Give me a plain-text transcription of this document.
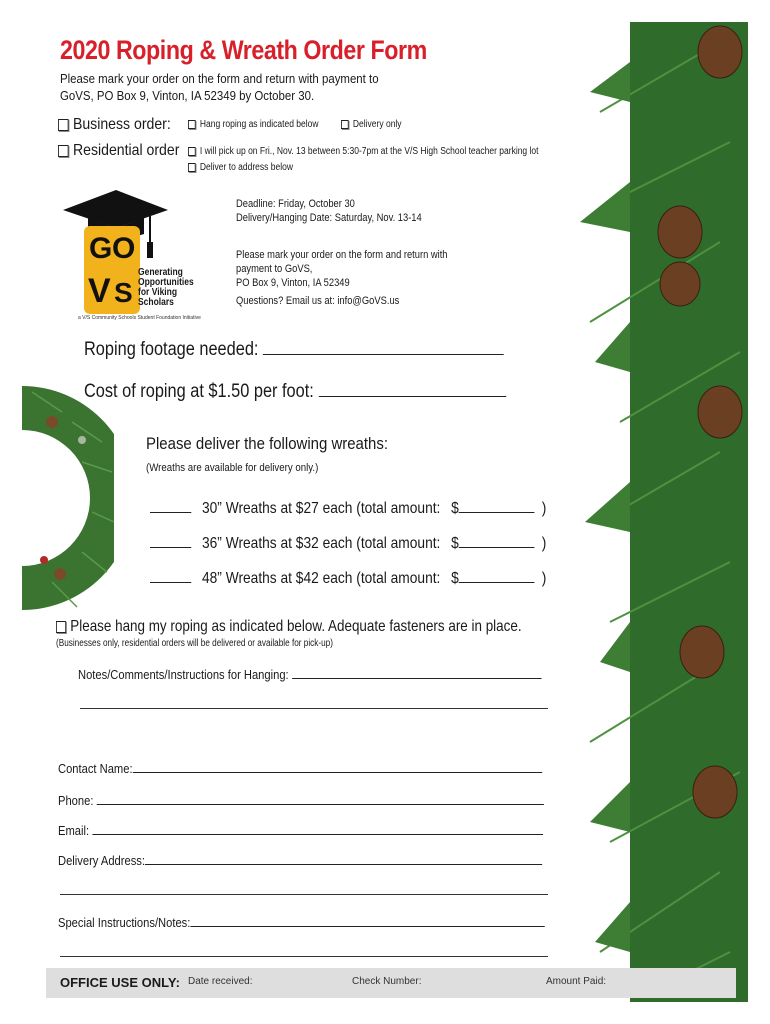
2020 Roping & Wreath Order Form
Please mark your order on the form and return with payment to
GoVS, PO Box 9, Vinton, IA 52349 by October 30.
Business order:	Hang roping as indicated below	Delivery only
Residential order	I will pick up on Fri., Nov. 13 between 5:30-7pm at the V/S High School teacher parking lot
Deliver to address below
G O
V S
Generating
Opportunities
for Viking
Scholars
a V/S Community Schools Student Foundation Initiative
Deadline: Friday, October 30
Delivery/Hanging Date: Saturday, Nov. 13-14
Please mark your order on the form and return with
payment to GoVS,
PO Box 9, Vinton, IA 52349
Questions? Email us at: info@GoVS.us
Roping footage needed:
Cost of roping at $1.50 per foot:
Please deliver the following wreaths:
(Wreaths are available for delivery only.)
30” Wreaths at $27 each (total amount: $	)
36” Wreaths at $32 each (total amount: $	)
48” Wreaths at $42 each (total amount: $	)
Please hang my roping as indicated below. Adequate fasteners are in place.
(Businesses only, residential orders will be delivered or available for pick-up)
Notes/Comments/Instructions for Hanging:
Contact Name:
Phone:
Email:
Delivery Address:
Special Instructions/Notes:
OFFICE USE ONLY: Date received:	Check Number:	Amount Paid:
